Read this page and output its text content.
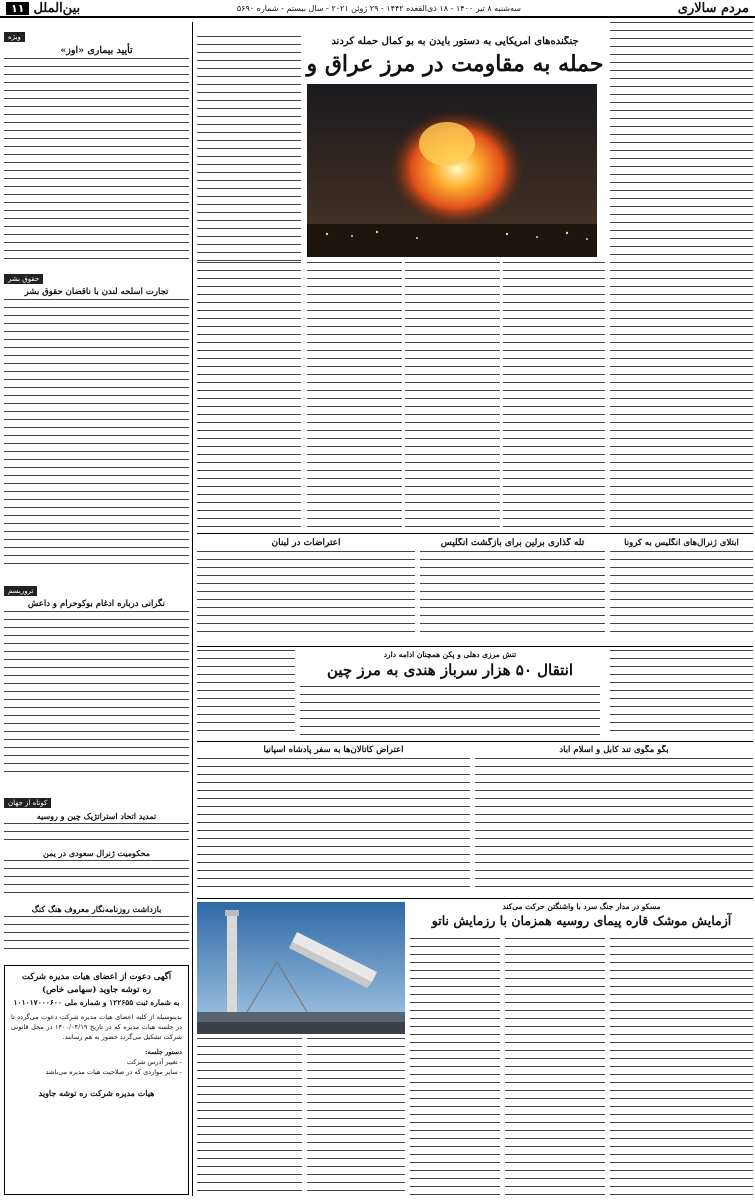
مردم سالاری
سه‌شنبه ۸ تیر ۱۴۰۰ - ۱۸ ذی‌القعده ۱۴۴۲ - ۲۹ ژوئن ۲۰۲۱ - سال بیستم - شماره ۵۶۹۰
بین‌الملل
۱۱

جنگنده‌های آمریکایی به دستور بایدن به بو کمال حمله کردند

حمله به مقاومت در مرز عراق و

ابتلای ژنرال‌های انگلیس به کرونا

تله گذاری برلین برای بازگشت انگلیس

اعتراضات در لبنان

تنش مرزی دهلی و پکن همچنان ادامه دارد

انتقال ۵۰ هزار سرباز هندی به مرز چین

بگو مگوی تند کابل و اسلام آباد

اعتراض کاتالان‌ها به سفر پادشاه اسپانیا

مسکو در مدار جنگ سرد با واشنگتن حرکت می‌کند

آزمایش موشک قاره پیمای روسیه همزمان با رزمایش ناتو

ویژه

تأیید بیماری «اوز»

حقوق بشر

تجارت اسلحه لندن با ناقضان حقوق بشر

تروریسم

نگرانی درباره ادغام بوکوحرام و داعش

کوتاه از جهان

تمدید اتحاد استراتژیک چین و روسیه

محکومیت ژنرال سعودی در یمن

بازداشت روزنامه‌نگار معروف هنگ کنگ

آگهی دعوت از اعضای هیات مدیره شرکت

ره توشه جاوید (سهامی خاص)

به شماره ثبت ۱۲۲۶۵۵ و شماره ملی ۱۰۱۰۱۷۰۰۰۶۰۰

بدینوسیله از کلیه اعضای هیات مدیره شرکت دعوت می‌گردد تا در جلسه هیات مدیره که در تاریخ ۱۴۰۰/۰۴/۱۹ در محل قانونی شرکت تشکیل می‌گردد حضور به هم رسانند.

دستور جلسه:

- تغییر آدرس شرکت

- سایر مواردی که در صلاحیت هیات مدیره می‌باشد

هیات مدیره شرکت ره توشه جاوید
